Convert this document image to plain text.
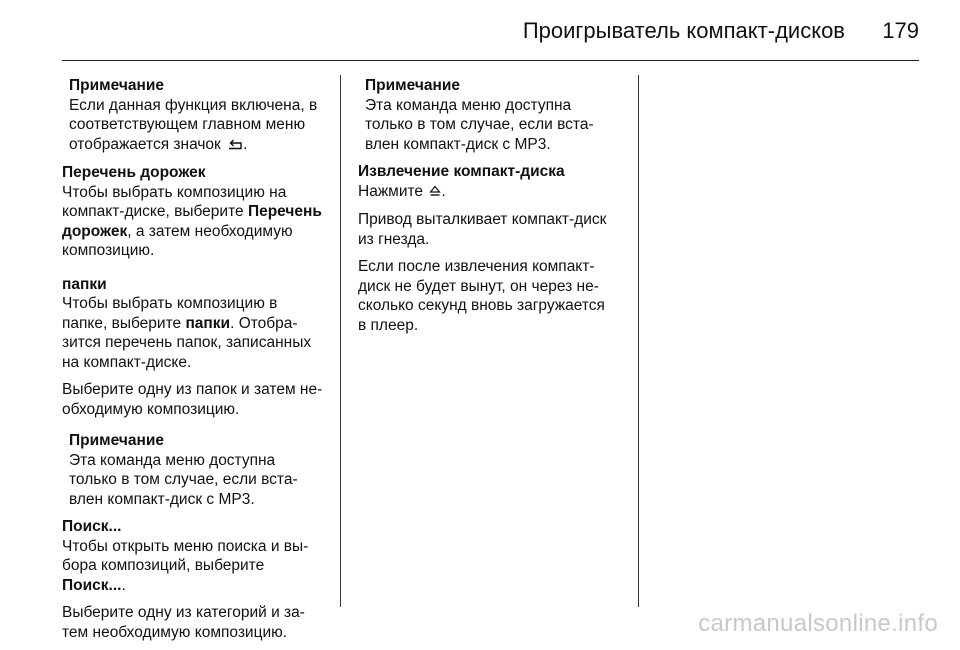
Проигрыватель компакт-дисков 179

Примечание

Если данная функция включена, в

соответствующем главном меню

отображается значок .

Перечень дорожек

Чтобы выбрать композицию на

компакт-диске, выберите Перечень

дорожек, а затем необходимую

композицию.

папки

Чтобы выбрать композицию в

папке, выберите папки. Отобра-

зится перечень папок, записанных

на компакт-диске.

Выберите одну из папок и затем не-

обходимую композицию.

Примечание

Эта команда меню доступна

только в том случае, если вста-

влен компакт-диск с MP3.

Поиск...

Чтобы открыть меню поиска и вы-

бора композиций, выберите

Поиск....

Выберите одну из категорий и за-

тем необходимую композицию.

Примечание

Эта команда меню доступна

только в том случае, если вста-

влен компакт-диск с MP3.

Извлечение компакт-диска

Нажмите .

Привод выталкивает компакт-диск

из гнезда.

Если после извлечения компакт-

диск не будет вынут, он через не-

сколько секунд вновь загружается

в плеер.

carmanualsonline.info
